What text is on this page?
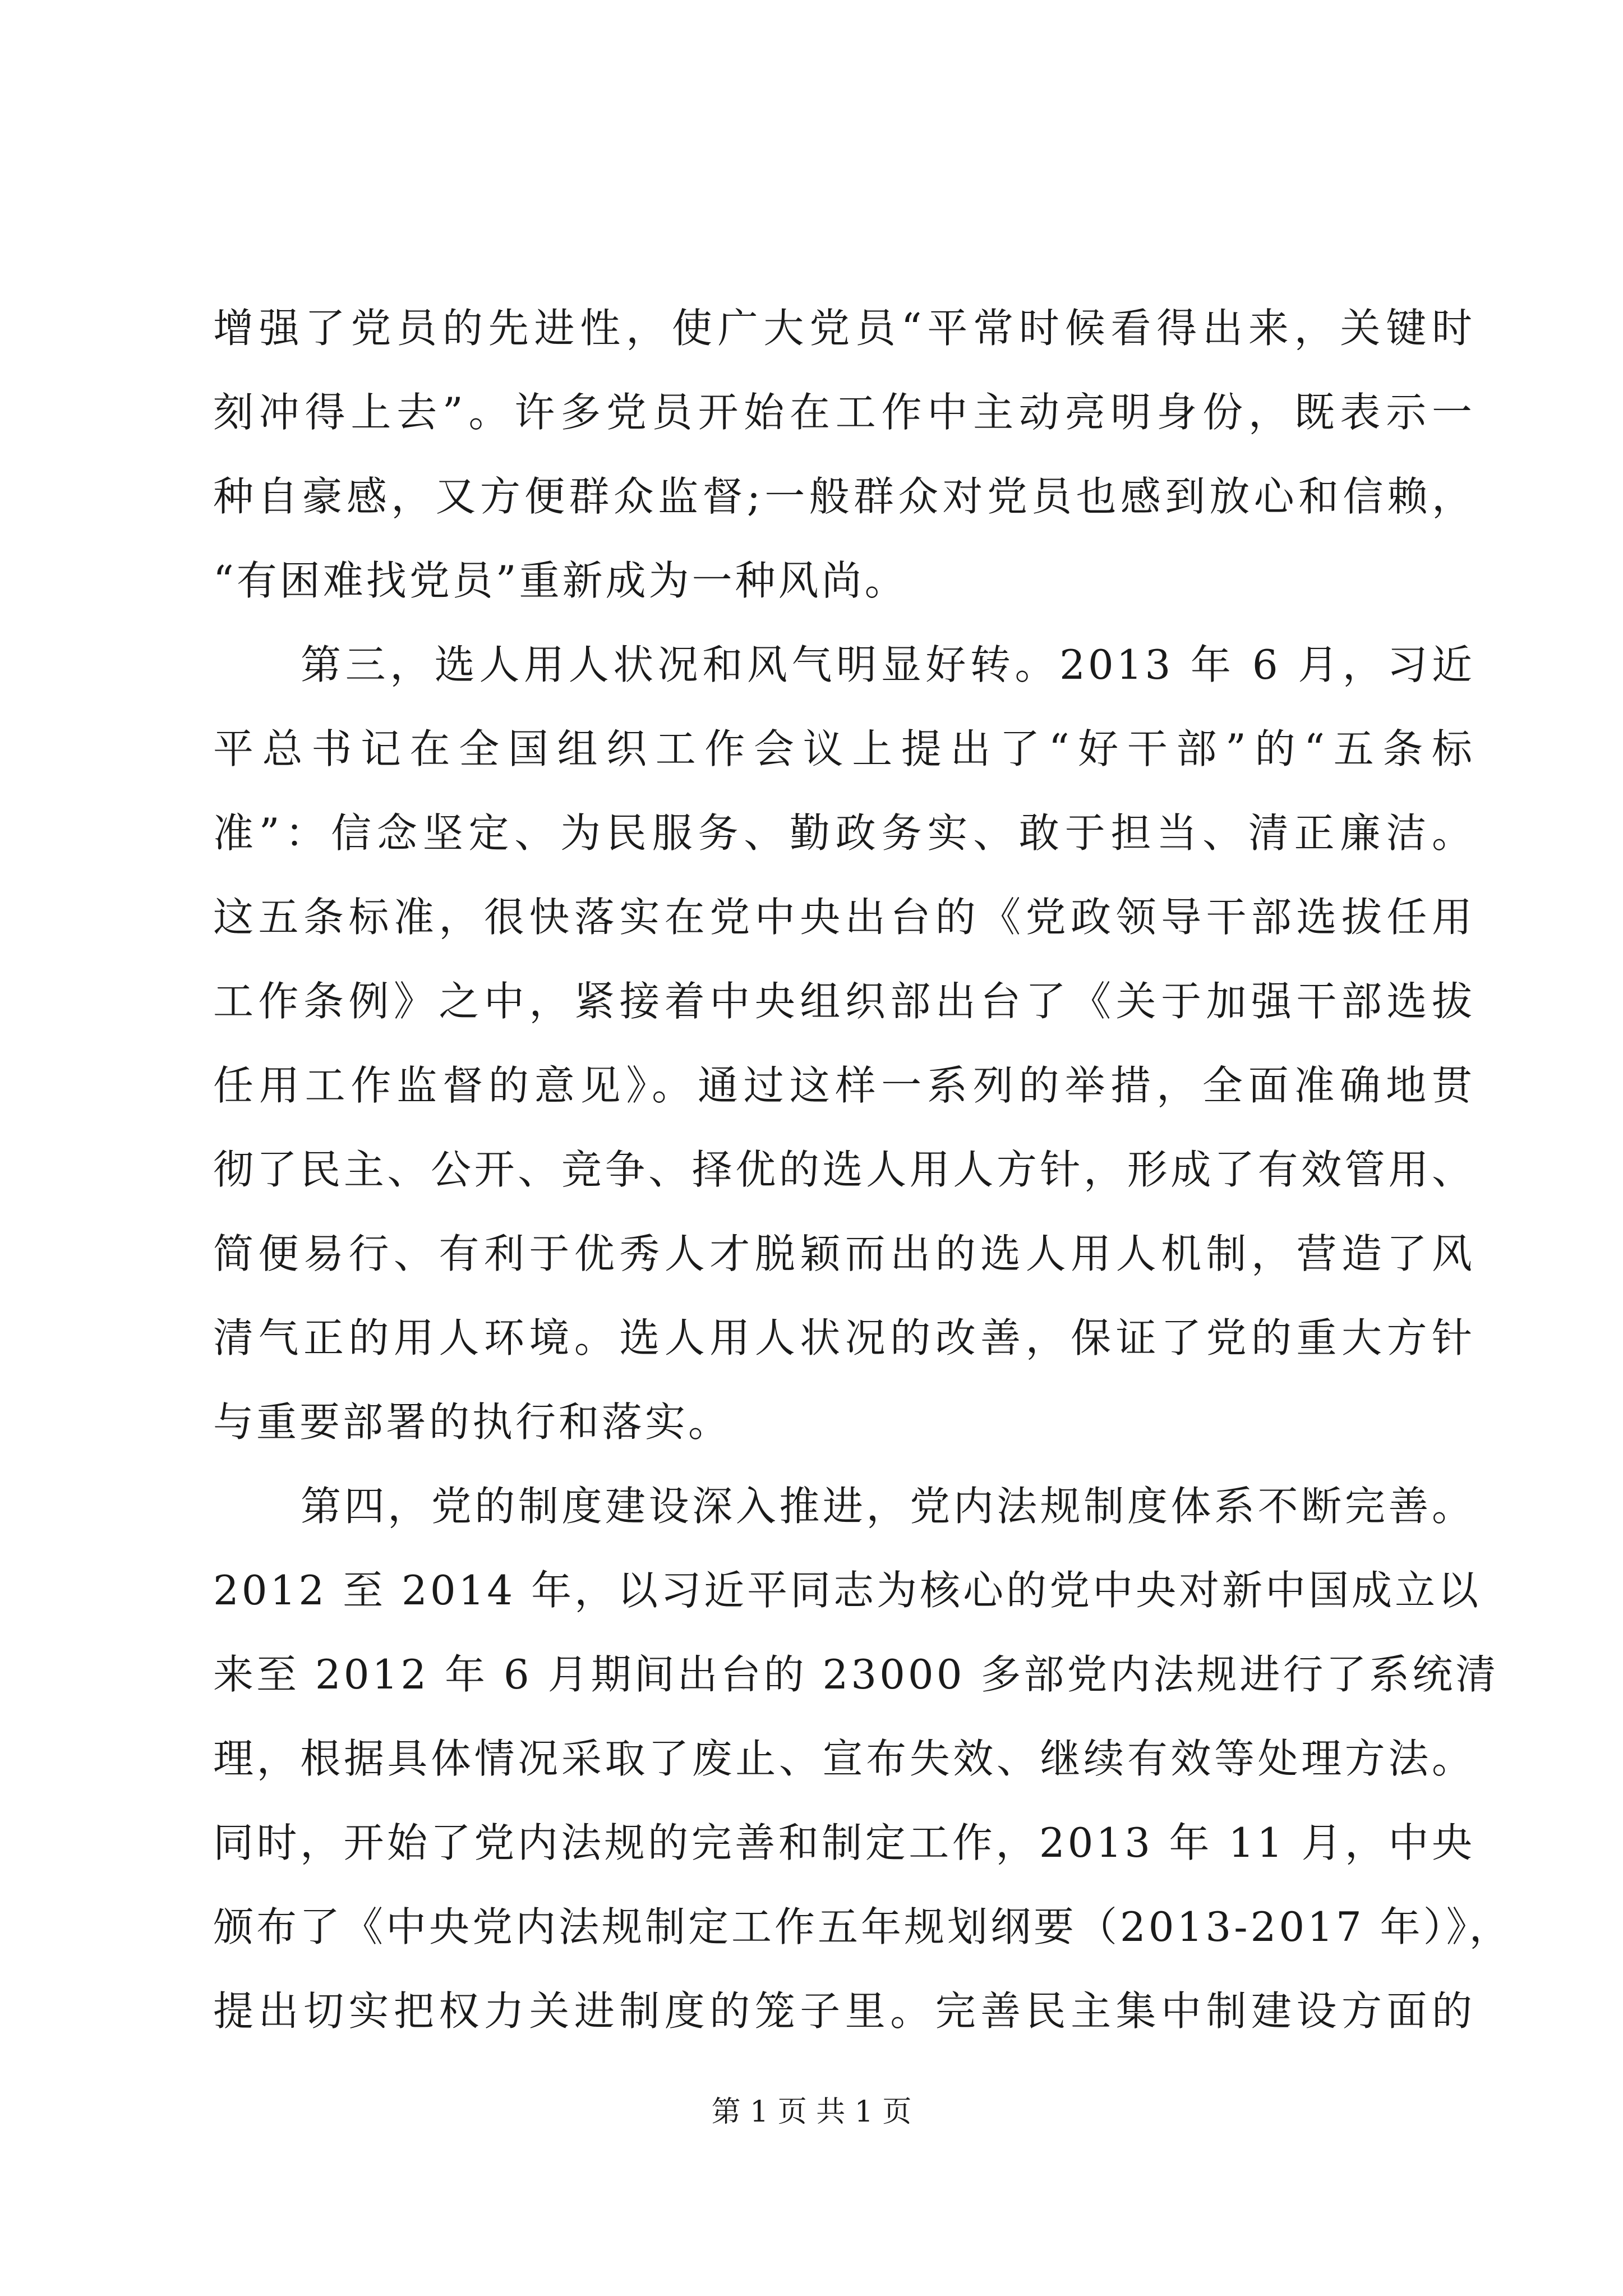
增强了党员的先进性，使广大党员“平常时候看得出来，关键时
刻冲得上去”。许多党员开始在工作中主动亮明身份，既表示一
种自豪感，又方便群众监督;一般群众对党员也感到放心和信赖，
“有困难找党员”重新成为一种风尚。
第三，选人用人状况和风气明显好转。2013 年 6 月，习近
平总书记在全国组织工作会议上提出了“好干部”的“五条标
准”：信念坚定、为民服务、勤政务实、敢于担当、清正廉洁。
这五条标准，很快落实在党中央出台的《党政领导干部选拔任用
工作条例》之中，紧接着中央组织部出台了《关于加强干部选拔
任用工作监督的意见》。通过这样一系列的举措，全面准确地贯
彻了民主、公开、竞争、择优的选人用人方针，形成了有效管用、
简便易行、有利于优秀人才脱颖而出的选人用人机制，营造了风
清气正的用人环境。选人用人状况的改善，保证了党的重大方针
与重要部署的执行和落实。
第四，党的制度建设深入推进，党内法规制度体系不断完善。
2012 至 2014 年，以习近平同志为核心的党中央对新中国成立以
来至 2012 年 6 月期间出台的 23000 多部党内法规进行了系统清
理，根据具体情况采取了废止、宣布失效、继续有效等处理方法。
同时，开始了党内法规的完善和制定工作，2013 年 11 月，中央
颁布了《中央党内法规制定工作五年规划纲要（2013-2017 年）》，
提出切实把权力关进制度的笼子里。完善民主集中制建设方面的
第 1 页 共 1 页
